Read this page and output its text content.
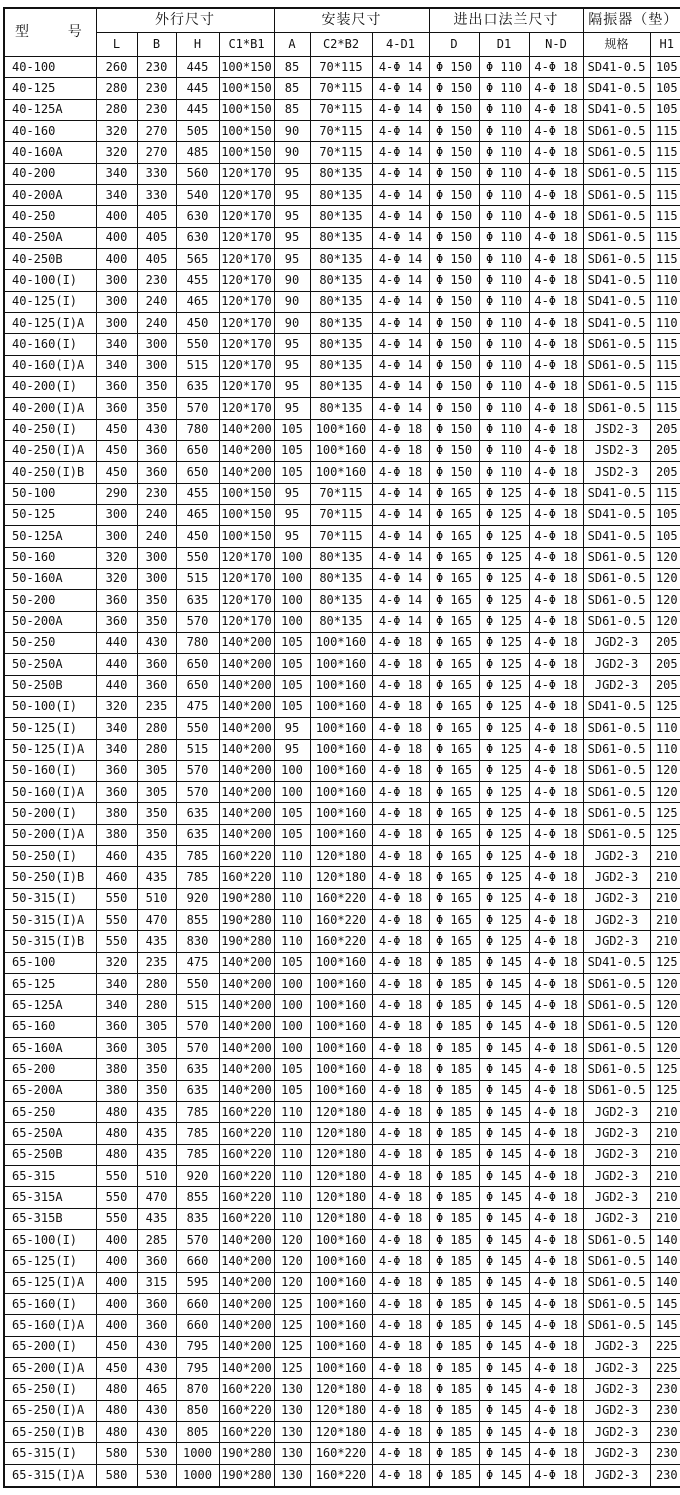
型    号	外行尺寸				安装尺寸			进出口法兰尺寸			隔振器（垫）	
	L	B	H	C1*B1	A	C2*B2	4-D1	D	D1	N-D	规格	H1
40-100	260	230	445	100*150	85	70*115	4-Φ 14	Φ 150	Φ 110	4-Φ 18	SD41-0.5	105
40-125	280	230	445	100*150	85	70*115	4-Φ 14	Φ 150	Φ 110	4-Φ 18	SD41-0.5	105
40-125A	280	230	445	100*150	85	70*115	4-Φ 14	Φ 150	Φ 110	4-Φ 18	SD41-0.5	105
40-160	320	270	505	100*150	90	70*115	4-Φ 14	Φ 150	Φ 110	4-Φ 18	SD61-0.5	115
40-160A	320	270	485	100*150	90	70*115	4-Φ 14	Φ 150	Φ 110	4-Φ 18	SD61-0.5	115
40-200	340	330	560	120*170	95	80*135	4-Φ 14	Φ 150	Φ 110	4-Φ 18	SD61-0.5	115
40-200A	340	330	540	120*170	95	80*135	4-Φ 14	Φ 150	Φ 110	4-Φ 18	SD61-0.5	115
40-250	400	405	630	120*170	95	80*135	4-Φ 14	Φ 150	Φ 110	4-Φ 18	SD61-0.5	115
40-250A	400	405	630	120*170	95	80*135	4-Φ 14	Φ 150	Φ 110	4-Φ 18	SD61-0.5	115
40-250B	400	405	565	120*170	95	80*135	4-Φ 14	Φ 150	Φ 110	4-Φ 18	SD61-0.5	115
40-100(I)	300	230	455	120*170	90	80*135	4-Φ 14	Φ 150	Φ 110	4-Φ 18	SD41-0.5	110
40-125(I)	300	240	465	120*170	90	80*135	4-Φ 14	Φ 150	Φ 110	4-Φ 18	SD41-0.5	110
40-125(I)A	300	240	450	120*170	90	80*135	4-Φ 14	Φ 150	Φ 110	4-Φ 18	SD41-0.5	110
40-160(I)	340	300	550	120*170	95	80*135	4-Φ 14	Φ 150	Φ 110	4-Φ 18	SD61-0.5	115
40-160(I)A	340	300	515	120*170	95	80*135	4-Φ 14	Φ 150	Φ 110	4-Φ 18	SD61-0.5	115
40-200(I)	360	350	635	120*170	95	80*135	4-Φ 14	Φ 150	Φ 110	4-Φ 18	SD61-0.5	115
40-200(I)A	360	350	570	120*170	95	80*135	4-Φ 14	Φ 150	Φ 110	4-Φ 18	SD61-0.5	115
40-250(I)	450	430	780	140*200	105	100*160	4-Φ 18	Φ 150	Φ 110	4-Φ 18	JSD2-3	205
40-250(I)A	450	360	650	140*200	105	100*160	4-Φ 18	Φ 150	Φ 110	4-Φ 18	JSD2-3	205
40-250(I)B	450	360	650	140*200	105	100*160	4-Φ 18	Φ 150	Φ 110	4-Φ 18	JSD2-3	205
50-100	290	230	455	100*150	95	70*115	4-Φ 14	Φ 165	Φ 125	4-Φ 18	SD41-0.5	115
50-125	300	240	465	100*150	95	70*115	4-Φ 14	Φ 165	Φ 125	4-Φ 18	SD41-0.5	105
50-125A	300	240	450	100*150	95	70*115	4-Φ 14	Φ 165	Φ 125	4-Φ 18	SD41-0.5	105
50-160	320	300	550	120*170	100	80*135	4-Φ 14	Φ 165	Φ 125	4-Φ 18	SD61-0.5	120
50-160A	320	300	515	120*170	100	80*135	4-Φ 14	Φ 165	Φ 125	4-Φ 18	SD61-0.5	120
50-200	360	350	635	120*170	100	80*135	4-Φ 14	Φ 165	Φ 125	4-Φ 18	SD61-0.5	120
50-200A	360	350	570	120*170	100	80*135	4-Φ 14	Φ 165	Φ 125	4-Φ 18	SD61-0.5	120
50-250	440	430	780	140*200	105	100*160	4-Φ 18	Φ 165	Φ 125	4-Φ 18	JGD2-3	205
50-250A	440	360	650	140*200	105	100*160	4-Φ 18	Φ 165	Φ 125	4-Φ 18	JGD2-3	205
50-250B	440	360	650	140*200	105	100*160	4-Φ 18	Φ 165	Φ 125	4-Φ 18	JGD2-3	205
50-100(I)	320	235	475	140*200	105	100*160	4-Φ 18	Φ 165	Φ 125	4-Φ 18	SD41-0.5	125
50-125(I)	340	280	550	140*200	95	100*160	4-Φ 18	Φ 165	Φ 125	4-Φ 18	SD61-0.5	110
50-125(I)A	340	280	515	140*200	95	100*160	4-Φ 18	Φ 165	Φ 125	4-Φ 18	SD61-0.5	110
50-160(I)	360	305	570	140*200	100	100*160	4-Φ 18	Φ 165	Φ 125	4-Φ 18	SD61-0.5	120
50-160(I)A	360	305	570	140*200	100	100*160	4-Φ 18	Φ 165	Φ 125	4-Φ 18	SD61-0.5	120
50-200(I)	380	350	635	140*200	105	100*160	4-Φ 18	Φ 165	Φ 125	4-Φ 18	SD61-0.5	125
50-200(I)A	380	350	635	140*200	105	100*160	4-Φ 18	Φ 165	Φ 125	4-Φ 18	SD61-0.5	125
50-250(I)	460	435	785	160*220	110	120*180	4-Φ 18	Φ 165	Φ 125	4-Φ 18	JGD2-3	210
50-250(I)B	460	435	785	160*220	110	120*180	4-Φ 18	Φ 165	Φ 125	4-Φ 18	JGD2-3	210
50-315(I)	550	510	920	190*280	110	160*220	4-Φ 18	Φ 165	Φ 125	4-Φ 18	JGD2-3	210
50-315(I)A	550	470	855	190*280	110	160*220	4-Φ 18	Φ 165	Φ 125	4-Φ 18	JGD2-3	210
50-315(I)B	550	435	830	190*280	110	160*220	4-Φ 18	Φ 165	Φ 125	4-Φ 18	JGD2-3	210
65-100	320	235	475	140*200	105	100*160	4-Φ 18	Φ 185	Φ 145	4-Φ 18	SD41-0.5	125
65-125	340	280	550	140*200	100	100*160	4-Φ 18	Φ 185	Φ 145	4-Φ 18	SD61-0.5	120
65-125A	340	280	515	140*200	100	100*160	4-Φ 18	Φ 185	Φ 145	4-Φ 18	SD61-0.5	120
65-160	360	305	570	140*200	100	100*160	4-Φ 18	Φ 185	Φ 145	4-Φ 18	SD61-0.5	120
65-160A	360	305	570	140*200	100	100*160	4-Φ 18	Φ 185	Φ 145	4-Φ 18	SD61-0.5	120
65-200	380	350	635	140*200	105	100*160	4-Φ 18	Φ 185	Φ 145	4-Φ 18	SD61-0.5	125
65-200A	380	350	635	140*200	105	100*160	4-Φ 18	Φ 185	Φ 145	4-Φ 18	SD61-0.5	125
65-250	480	435	785	160*220	110	120*180	4-Φ 18	Φ 185	Φ 145	4-Φ 18	JGD2-3	210
65-250A	480	435	785	160*220	110	120*180	4-Φ 18	Φ 185	Φ 145	4-Φ 18	JGD2-3	210
65-250B	480	435	785	160*220	110	120*180	4-Φ 18	Φ 185	Φ 145	4-Φ 18	JGD2-3	210
65-315	550	510	920	160*220	110	120*180	4-Φ 18	Φ 185	Φ 145	4-Φ 18	JGD2-3	210
65-315A	550	470	855	160*220	110	120*180	4-Φ 18	Φ 185	Φ 145	4-Φ 18	JGD2-3	210
65-315B	550	435	835	160*220	110	120*180	4-Φ 18	Φ 185	Φ 145	4-Φ 18	JGD2-3	210
65-100(I)	400	285	570	140*200	120	100*160	4-Φ 18	Φ 185	Φ 145	4-Φ 18	SD61-0.5	140
65-125(I)	400	360	660	140*200	120	100*160	4-Φ 18	Φ 185	Φ 145	4-Φ 18	SD61-0.5	140
65-125(I)A	400	315	595	140*200	120	100*160	4-Φ 18	Φ 185	Φ 145	4-Φ 18	SD61-0.5	140
65-160(I)	400	360	660	140*200	125	100*160	4-Φ 18	Φ 185	Φ 145	4-Φ 18	SD61-0.5	145
65-160(I)A	400	360	660	140*200	125	100*160	4-Φ 18	Φ 185	Φ 145	4-Φ 18	SD61-0.5	145
65-200(I)	450	430	795	140*200	125	100*160	4-Φ 18	Φ 185	Φ 145	4-Φ 18	JGD2-3	225
65-200(I)A	450	430	795	140*200	125	100*160	4-Φ 18	Φ 185	Φ 145	4-Φ 18	JGD2-3	225
65-250(I)	480	465	870	160*220	130	120*180	4-Φ 18	Φ 185	Φ 145	4-Φ 18	JGD2-3	230
65-250(I)A	480	430	850	160*220	130	120*180	4-Φ 18	Φ 185	Φ 145	4-Φ 18	JGD2-3	230
65-250(I)B	480	430	805	160*220	130	120*180	4-Φ 18	Φ 185	Φ 145	4-Φ 18	JGD2-3	230
65-315(I)	580	530	1000	190*280	130	160*220	4-Φ 18	Φ 185	Φ 145	4-Φ 18	JGD2-3	230
65-315(I)A	580	530	1000	190*280	130	160*220	4-Φ 18	Φ 185	Φ 145	4-Φ 18	JGD2-3	230
